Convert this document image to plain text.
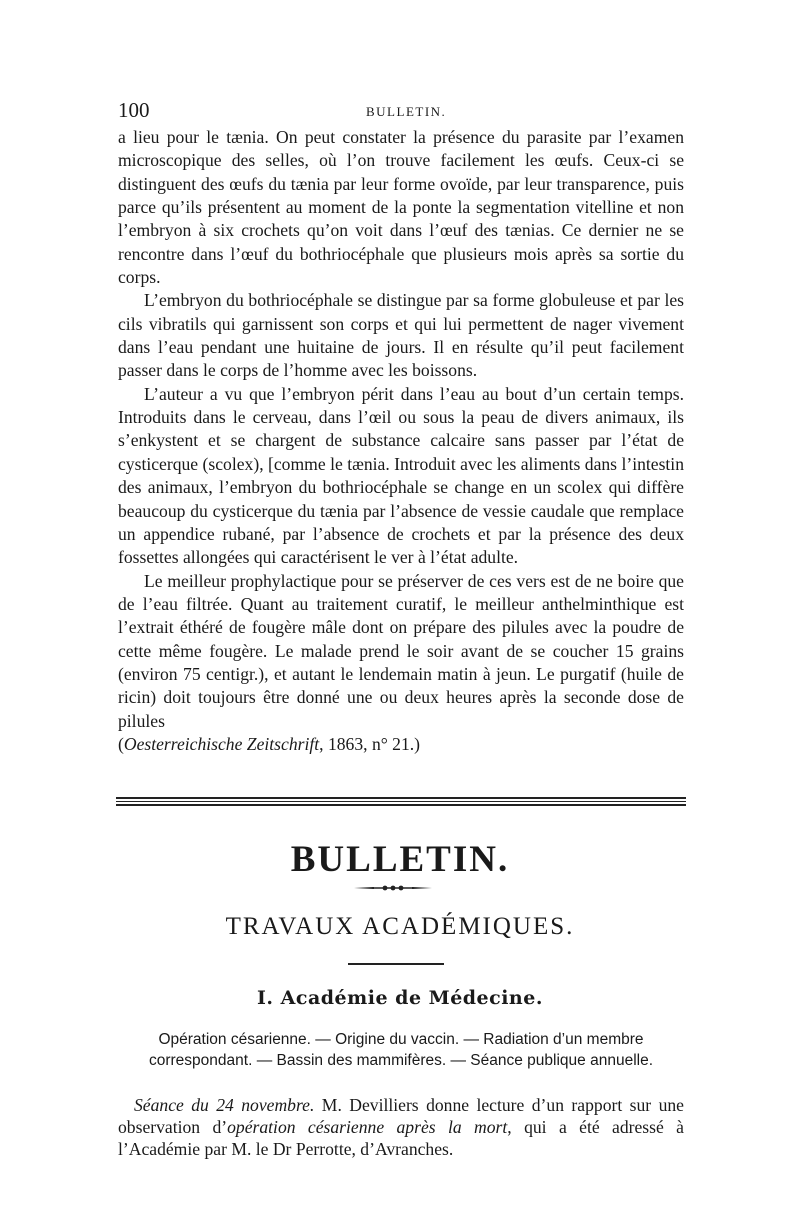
100	BULLETIN.

a lieu pour le tænia. On peut constater la présence du parasite par l’examen microscopique des selles, où l’on trouve facilement les œufs. Ceux-ci se distinguent des œufs du tænia par leur forme ovoïde, par leur transparence, puis parce qu’ils présentent au moment de la ponte la segmentation vitelline et non l’embryon à six crochets qu’on voit dans l’œuf des tænias. Ce dernier ne se rencontre dans l’œuf du bothriocéphale que plusieurs mois après sa sortie du corps.

L’embryon du bothriocéphale se distingue par sa forme globuleuse et par les cils vibratils qui garnissent son corps et qui lui permettent de nager vivement dans l’eau pendant une huitaine de jours. Il en résulte qu’il peut facilement passer dans le corps de l’homme avec les boissons.

L’auteur a vu que l’embryon périt dans l’eau au bout d’un certain temps. Introduits dans le cerveau, dans l’œil ou sous la peau de divers animaux, ils s’enkystent et se chargent de substance calcaire sans passer par l’état de cysticerque (scolex), [comme le tænia. Introduit avec les aliments dans l’intestin des animaux, l’embryon du bothriocéphale se change en un scolex qui diffère beaucoup du cysticerque du tænia par l’absence de vessie caudale que remplace un appendice rubané, par l’absence de crochets et par la présence des deux fossettes allongées qui caractérisent le ver à l’état adulte.

Le meilleur prophylactique pour se préserver de ces vers est de ne boire que de l’eau filtrée. Quant au traitement curatif, le meilleur anthelminthique est l’extrait éthéré de fougère mâle dont on prépare des pilules avec la poudre de cette même fougère. Le malade prend le soir avant de se coucher 15 grains (environ 75 centigr.), et autant le lendemain matin à jeun. Le purgatif (huile de ricin) doit toujours être donné une ou deux heures après la seconde dose de pilules

(Oesterreichische Zeitschrift, 1863, n° 21.)

BULLETIN.
TRAVAUX ACADÉMIQUES.
I. Académie de Médecine.
Opération césarienne. — Origine du vaccin. — Radiation d’un membre correspondant. — Bassin des mammifères. — Séance publique annuelle.

Séance du 24 novembre. M. Devilliers donne lecture d’un rapport sur une observation d’opération césarienne après la mort, qui a été adressé à l’Académie par M. le Dr Perrotte, d’Avranches.
